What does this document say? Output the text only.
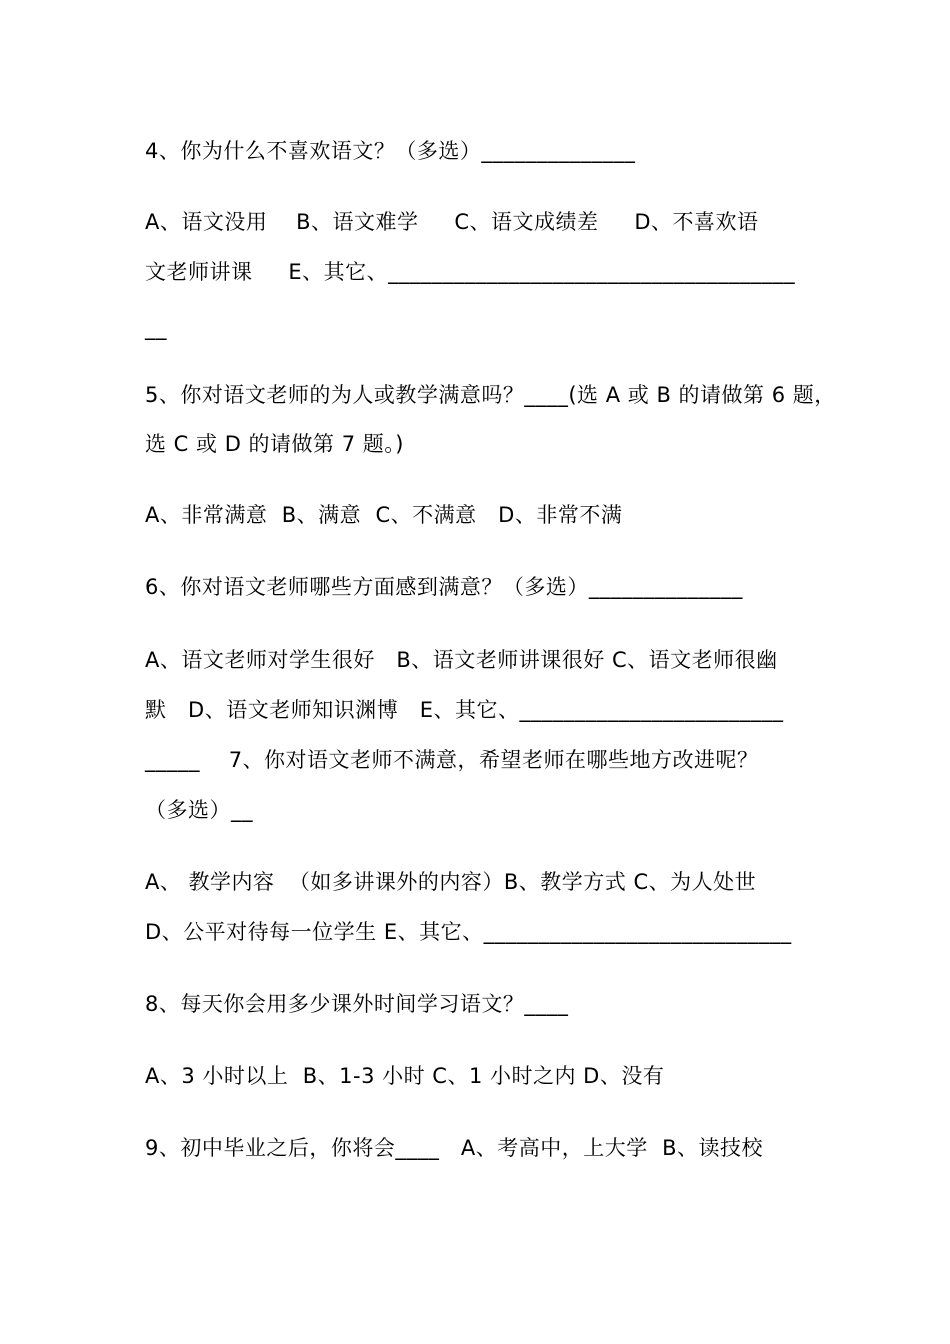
4、你为什么不喜欢语文？（多选）______________
A、语文没用    B、语文难学     C、语文成绩差     D、不喜欢语
文老师讲课     E、其它、_____________________________________
__
5、你对语文老师的为人或教学满意吗？____(选 A 或 B 的请做第 6 题，
选 C 或 D 的请做第 7 题。)
A、非常满意  B、满意  C、不满意   D、非常不满
6、你对语文老师哪些方面感到满意？（多选）______________
A、语文老师对学生很好   B、语文老师讲课很好 C、语文老师很幽
默   D、语文老师知识渊博   E、其它、________________________
_____    7、你对语文老师不满意，希望老师在哪些地方改进呢？
（多选）__
A、 教学内容  （如多讲课外的内容）B、教学方式 C、为人处世
D、公平对待每一位学生 E、其它、____________________________
8、每天你会用多少课外时间学习语文？____
A、3 小时以上  B、1-3 小时 C、1 小时之内 D、没有
9、初中毕业之后，你将会____   A、考高中，上大学  B、读技校
